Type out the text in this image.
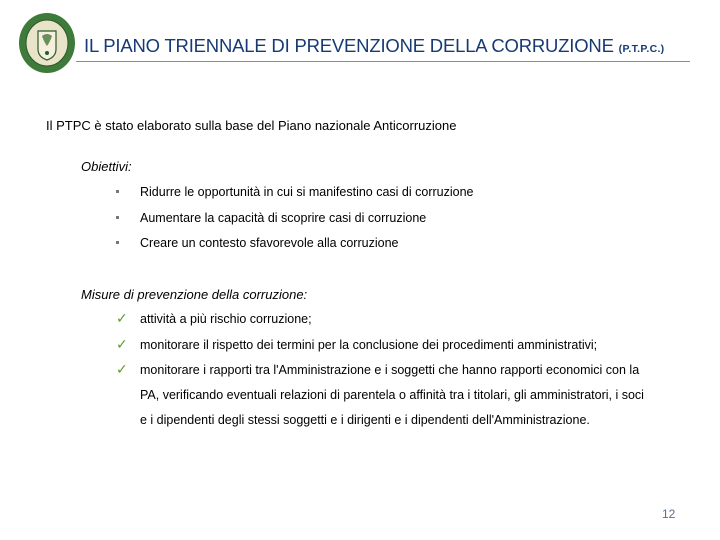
IL PIANO TRIENNALE DI PREVENZIONE DELLA CORRUZIONE (P.T.P.C.)

Il PTPC è stato elaborato sulla base del Piano nazionale Anticorruzione

Obiettivi:

Ridurre le opportunità in cui si manifestino casi di corruzione
Aumentare la capacità di scoprire casi di corruzione
Creare un contesto sfavorevole alla corruzione

Misure di prevenzione della corruzione:

✓ attività a più rischio corruzione;
✓ monitorare il rispetto dei termini per la conclusione dei procedimenti amministrativi;
✓ monitorare i rapporti tra l'Amministrazione e i soggetti che hanno rapporti economici con la
PA, verificando eventuali relazioni di parentela o affinità tra i titolari, gli amministratori, i soci
e i dipendenti degli stessi soggetti e i dirigenti e i dipendenti dell'Amministrazione.
12
